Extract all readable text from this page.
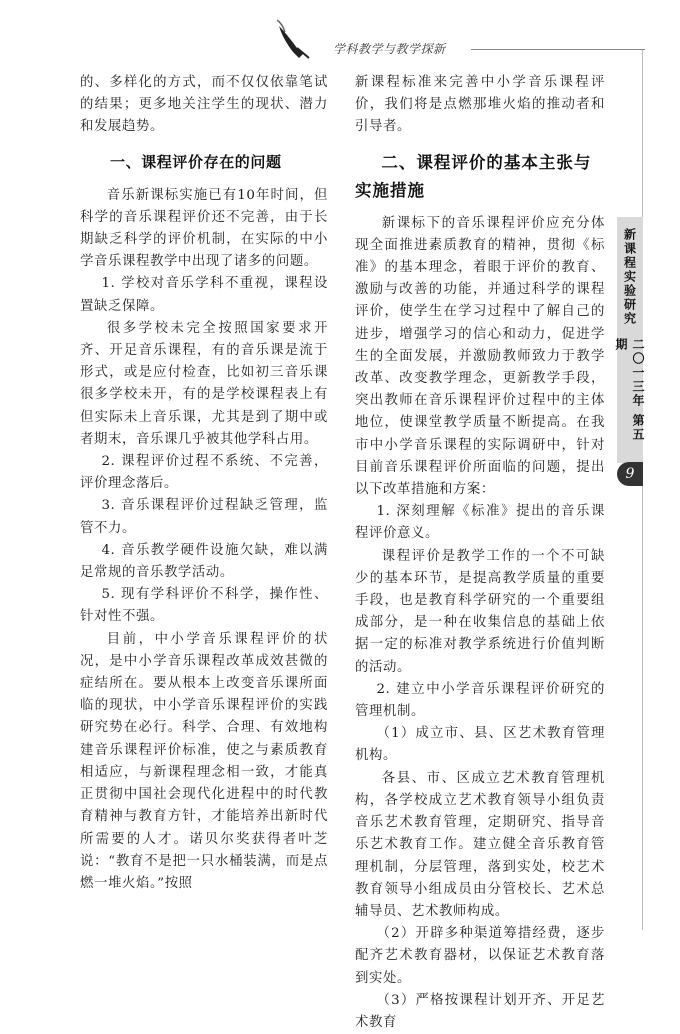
学科教学与教学探新

的、多样化的方式，而不仅仅依靠笔试的结果；更多地关注学生的现状、潜力和发展趋势。

一、课程评价存在的问题

音乐新课标实施已有10年时间，但科学的音乐课程评价还不完善，由于长期缺乏科学的评价机制，在实际的中小学音乐课程教学中出现了诸多的问题。

1. 学校对音乐学科不重视，课程设置缺乏保障。

很多学校未完全按照国家要求开齐、开足音乐课程，有的音乐课是流于形式，或是应付检查，比如初三音乐课很多学校未开，有的是学校课程表上有但实际未上音乐课，尤其是到了期中或者期末，音乐课几乎被其他学科占用。

2. 课程评价过程不系统、不完善，评价理念落后。

3. 音乐课程评价过程缺乏管理，监管不力。

4. 音乐教学硬件设施欠缺，难以满足常规的音乐教学活动。

5. 现有学科评价不科学，操作性、针对性不强。

目前，中小学音乐课程评价的状况，是中小学音乐课程改革成效甚微的症结所在。要从根本上改变音乐课所面临的现状，中小学音乐课程评价的实践研究势在必行。科学、合理、有效地构建音乐课程评价标准，使之与素质教育相适应，与新课程理念相一致，才能真正贯彻中国社会现代化进程中的时代教育精神与教育方针，才能培养出新时代所需要的人才。诺贝尔奖获得者叶芝说：“教育不是把一只水桶装满，而是点燃一堆火焰。”按照

新课程标准来完善中小学音乐课程评价，我们将是点燃那堆火焰的推动者和引导者。

二、课程评价的基本主张与实施措施

新课标下的音乐课程评价应充分体现全面推进素质教育的精神，贯彻《标准》的基本理念，着眼于评价的教育、激励与改善的功能，并通过科学的课程评价，使学生在学习过程中了解自己的进步，增强学习的信心和动力，促进学生的全面发展，并激励教师致力于教学改革、改变教学理念，更新教学手段，突出教师在音乐课程评价过程中的主体地位，使课堂教学质量不断提高。在我市中小学音乐课程的实际调研中，针对目前音乐课程评价所面临的问题，提出以下改革措施和方案：

1. 深刻理解《标准》提出的音乐课程评价意义。

课程评价是教学工作的一个不可缺少的基本环节，是提高教学质量的重要手段，也是教育科学研究的一个重要组成部分，是一种在收集信息的基础上依据一定的标准对教学系统进行价值判断的活动。

2. 建立中小学音乐课程评价研究的管理机制。

（1）成立市、县、区艺术教育管理机构。

各县、市、区成立艺术教育管理机构，各学校成立艺术教育领导小组负责音乐艺术教育管理，定期研究、指导音乐艺术教育工作。建立健全音乐教育管理机制，分层管理，落到实处，校艺术教育领导小组成员由分管校长、艺术总辅导员、艺术教师构成。

（2）开辟多种渠道筹措经费，逐步配齐艺术教育器材，以保证艺术教育落到实处。

（3）严格按课程计划开齐、开足艺术教育

新课程实验研究
二〇一三年 第五期
9
